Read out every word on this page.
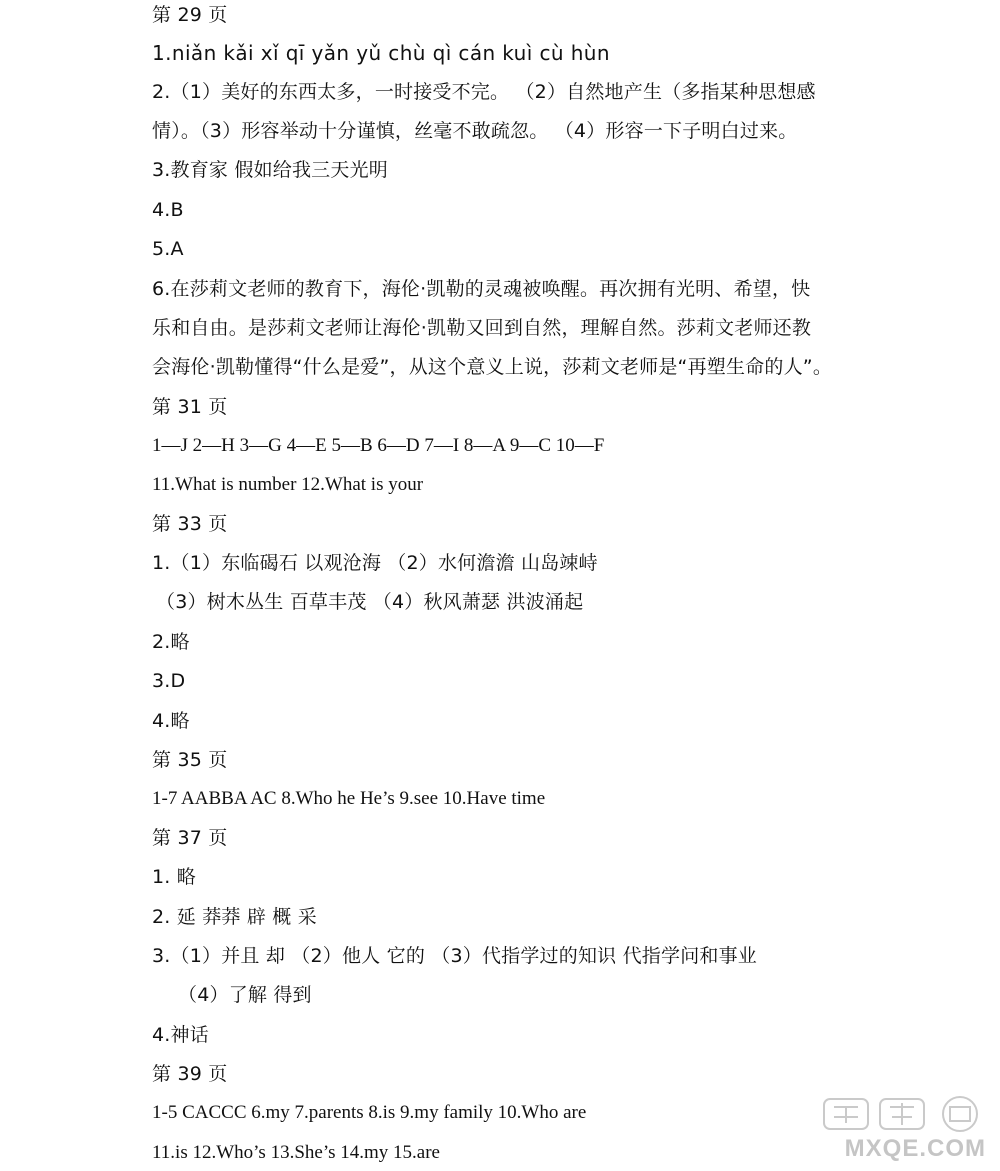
第 29 页
1.niǎn kǎi xǐ qī yǎn yǔ chù qì cán kuì cù hùn
2.（1）美好的东西太多，一时接受不完。 （2）自然地产生（多指某种思想感
情）。（3）形容举动十分谨慎，丝毫不敢疏忽。 （4）形容一下子明白过来。
3.教育家 假如给我三天光明
4.B
5.A
6.在莎莉文老师的教育下，海伦·凯勒的灵魂被唤醒。再次拥有光明、希望，快
乐和自由。是莎莉文老师让海伦·凯勒又回到自然，理解自然。莎莉文老师还教
会海伦·凯勒懂得“什么是爱”，从这个意义上说，莎莉文老师是“再塑生命的人”。
第 31 页
1—J 2—H 3—G 4—E 5—B 6—D 7—I 8—A 9—C 10—F
11.What is number 12.What is your
第 33 页
1.（1）东临碣石 以观沧海 （2）水何澹澹 山岛竦峙
（3）树木丛生 百草丰茂 （4）秋风萧瑟 洪波涌起
2.略
3.D
4.略
第 35 页
1-7 AABBA AC 8.Who he He’s 9.see 10.Have time
第 37 页
1. 略
2. 延 莽莽 辟 概 采
3.（1）并且 却 （2）他人 它的 （3）代指学过的知识 代指学问和事业
（4）了解 得到
4.神话
第 39 页
1-5 CACCC 6.my 7.parents 8.is 9.my family 10.Who are
11.is 12.Who’s 13.She’s 14.my 15.are	MXQE.COM
